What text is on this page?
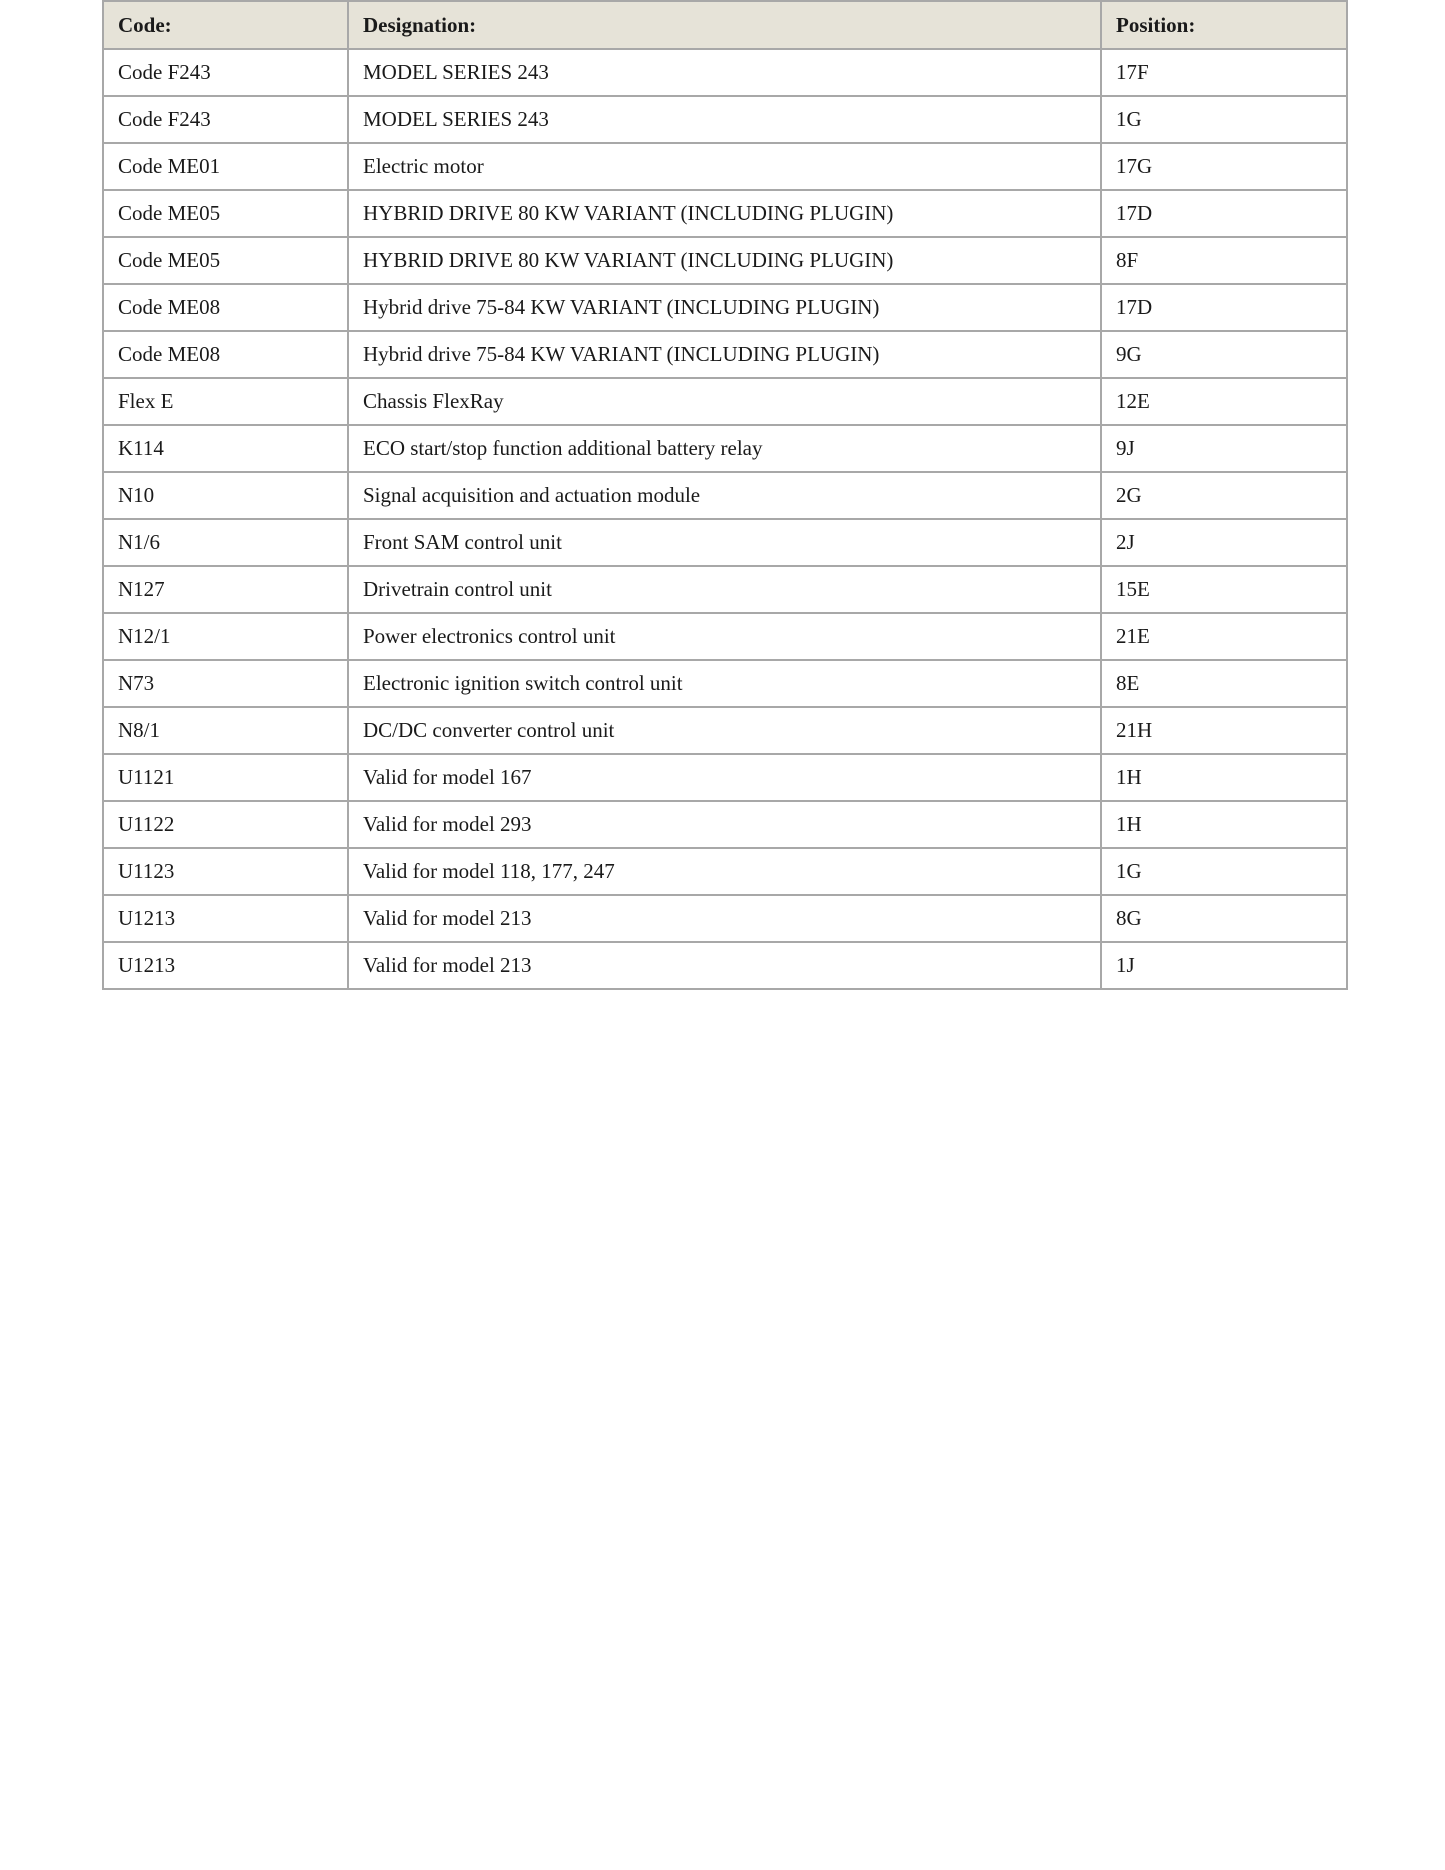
Code:	Designation:	Position:
Code F243	MODEL SERIES 243	17F
Code F243	MODEL SERIES 243	1G
Code ME01	Electric motor	17G
Code ME05	HYBRID DRIVE 80 KW VARIANT (INCLUDING PLUGIN)	17D
Code ME05	HYBRID DRIVE 80 KW VARIANT (INCLUDING PLUGIN)	8F
Code ME08	Hybrid drive 75-84 KW VARIANT (INCLUDING PLUGIN)	17D
Code ME08	Hybrid drive 75-84 KW VARIANT (INCLUDING PLUGIN)	9G
Flex E	Chassis FlexRay	12E
K114	ECO start/stop function additional battery relay	9J
N10	Signal acquisition and actuation module	2G
N1/6	Front SAM control unit	2J
N127	Drivetrain control unit	15E
N12/1	Power electronics control unit	21E
N73	Electronic ignition switch control unit	8E
N8/1	DC/DC converter control unit	21H
U1121	Valid for model 167	1H
U1122	Valid for model 293	1H
U1123	Valid for model 118, 177, 247	1G
U1213	Valid for model 213	8G
U1213	Valid for model 213	1J
